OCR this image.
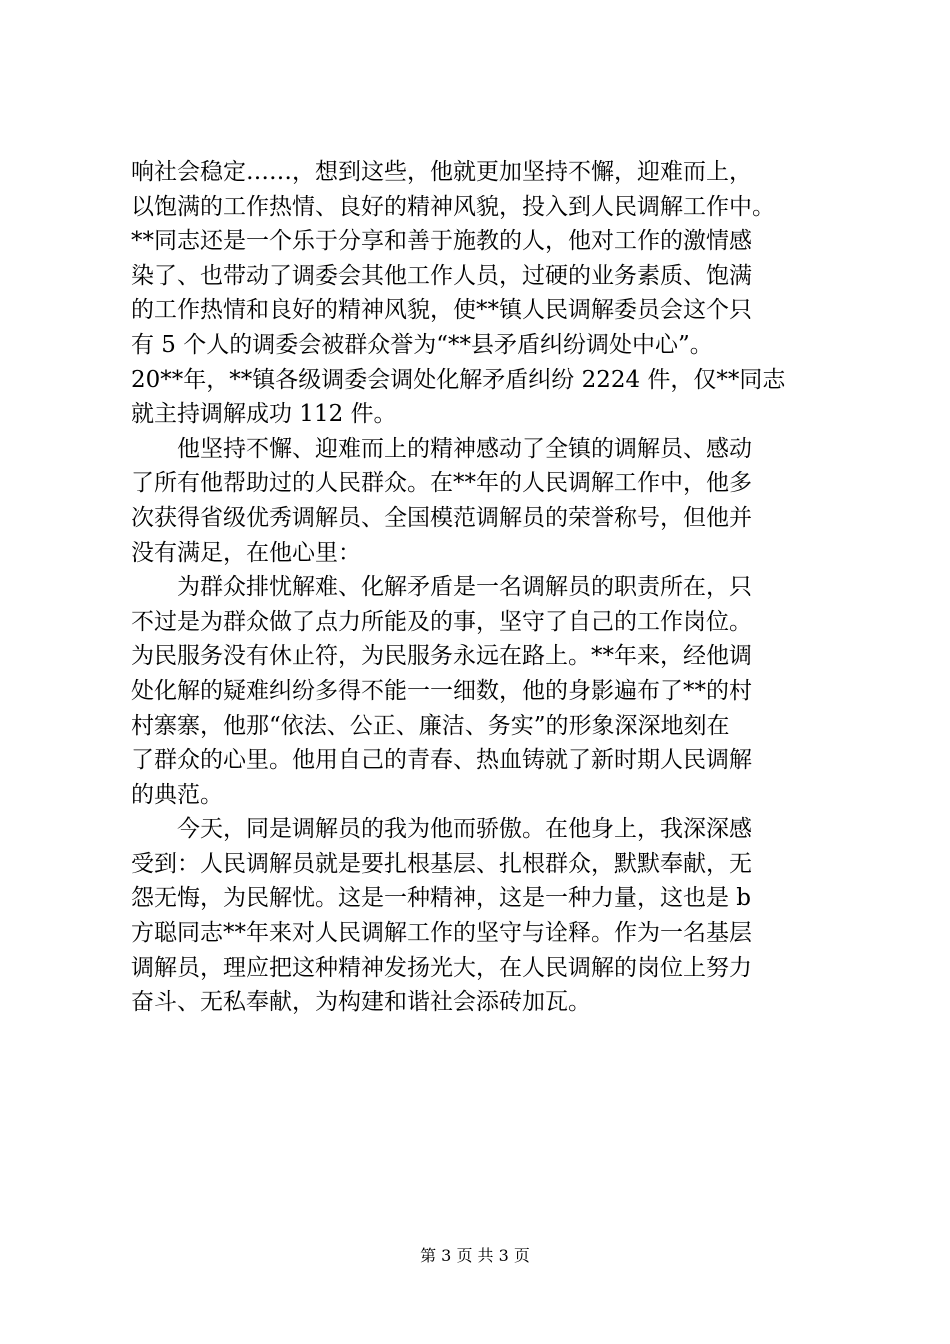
响社会稳定……，想到这些，他就更加坚持不懈，迎难而上，
以饱满的工作热情、良好的精神风貌，投入到人民调解工作中。
**同志还是一个乐于分享和善于施教的人，他对工作的激情感
染了、也带动了调委会其他工作人员，过硬的业务素质、饱满
的工作热情和良好的精神风貌，使**镇人民调解委员会这个只
有 5 个人的调委会被群众誉为“**县矛盾纠纷调处中心”。
20**年，**镇各级调委会调处化解矛盾纠纷 2224 件，仅**同志
就主持调解成功 112 件。
他坚持不懈、迎难而上的精神感动了全镇的调解员、感动
了所有他帮助过的人民群众。在**年的人民调解工作中，他多
次获得省级优秀调解员、全国模范调解员的荣誉称号，但他并
没有满足，在他心里：
为群众排忧解难、化解矛盾是一名调解员的职责所在，只
不过是为群众做了点力所能及的事，坚守了自己的工作岗位。
为民服务没有休止符，为民服务永远在路上。**年来，经他调
处化解的疑难纠纷多得不能一一细数，他的身影遍布了**的村
村寨寨，他那“依法、公正、廉洁、务实”的形象深深地刻在
了群众的心里。他用自己的青春、热血铸就了新时期人民调解
的典范。
今天，同是调解员的我为他而骄傲。在他身上，我深深感
受到：人民调解员就是要扎根基层、扎根群众，默默奉献，无
怨无悔，为民解忧。这是一种精神，这是一种力量，这也是 b
方聪同志**年来对人民调解工作的坚守与诠释。作为一名基层
调解员，理应把这种精神发扬光大，在人民调解的岗位上努力
奋斗、无私奉献，为构建和谐社会添砖加瓦。
第 3 页 共 3 页
